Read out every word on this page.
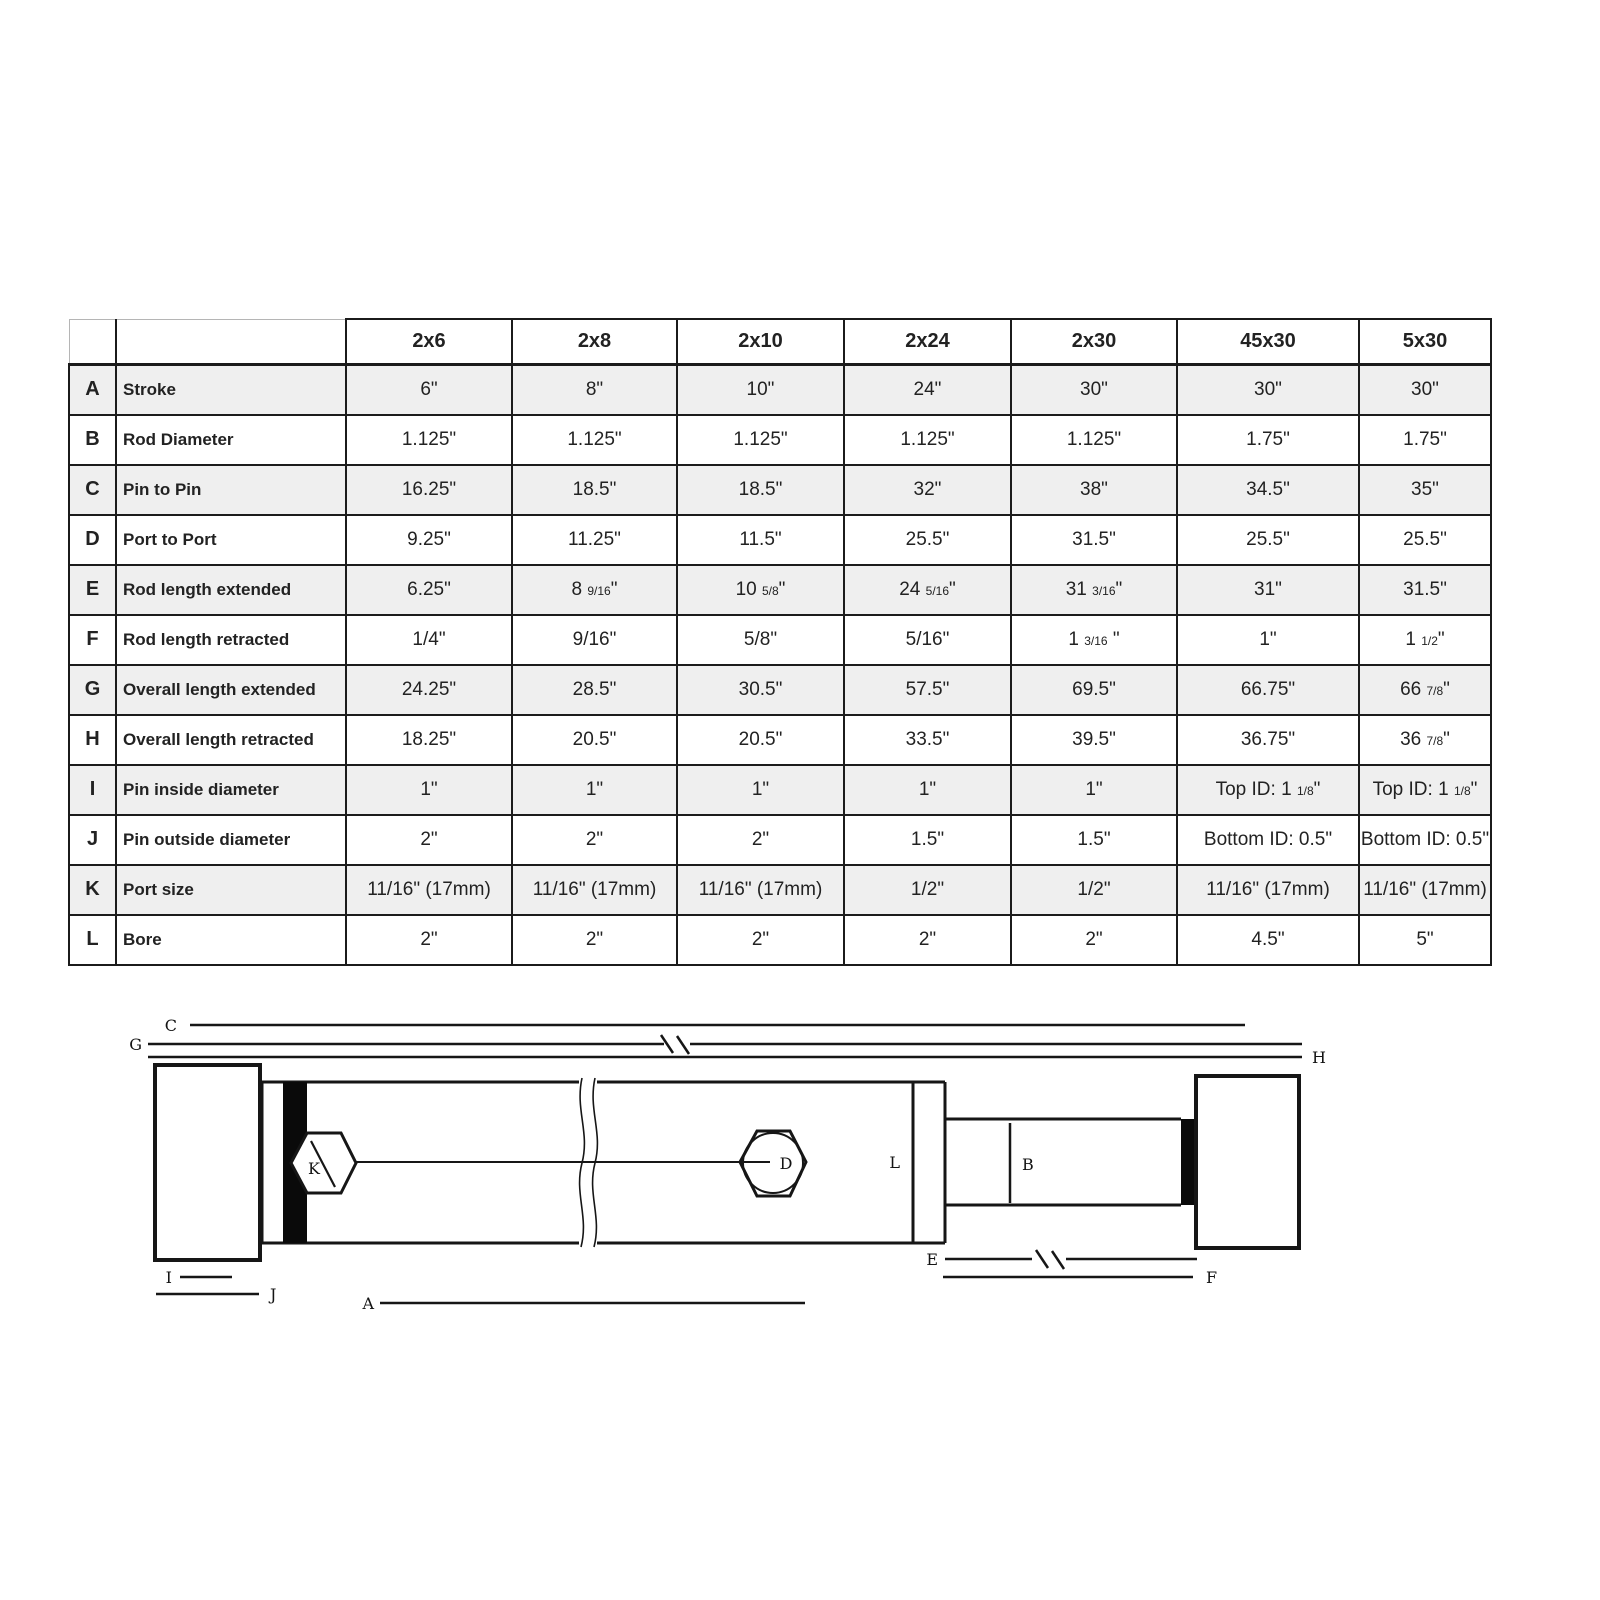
		2x6	2x8	2x10	2x24	2x30	45x30	5x30
A	Stroke	6"	8"	10"	24"	30"	30"	30"
B	Rod Diameter	1.125"	1.125"	1.125"	1.125"	1.125"	1.75"	1.75"
C	Pin to Pin	16.25"	18.5"	18.5"	32"	38"	34.5"	35"
D	Port to Port	9.25"	11.25"	11.5"	25.5"	31.5"	25.5"	25.5"
E	Rod length extended	6.25"	8 9/16"	10 5/8"	24 5/16"	31 3/16"	31"	31.5"
F	Rod length retracted	1/4"	9/16"	5/8"	5/16"	1 3/16 "	1"	1 1/2"
G	Overall length extended	24.25"	28.5"	30.5"	57.5"	69.5"	66.75"	66 7/8"
H	Overall length retracted	18.25"	20.5"	20.5"	33.5"	39.5"	36.75"	36 7/8"
I	Pin inside diameter	1"	1"	1"	1"	1"	Top ID: 1 1/8"	Top ID: 1 1/8"
J	Pin outside diameter	2"	2"	2"	1.5"	1.5"	Bottom ID: 0.5"	Bottom ID: 0.5"
K	Port size	11/16" (17mm)	11/16" (17mm)	11/16" (17mm)	1/2"	1/2"	11/16" (17mm)	11/16" (17mm)
L	Bore	2"	2"	2"	2"	2"	4.5"	5"
C
G
H
K	D	L	B
E
F
I
J	A
